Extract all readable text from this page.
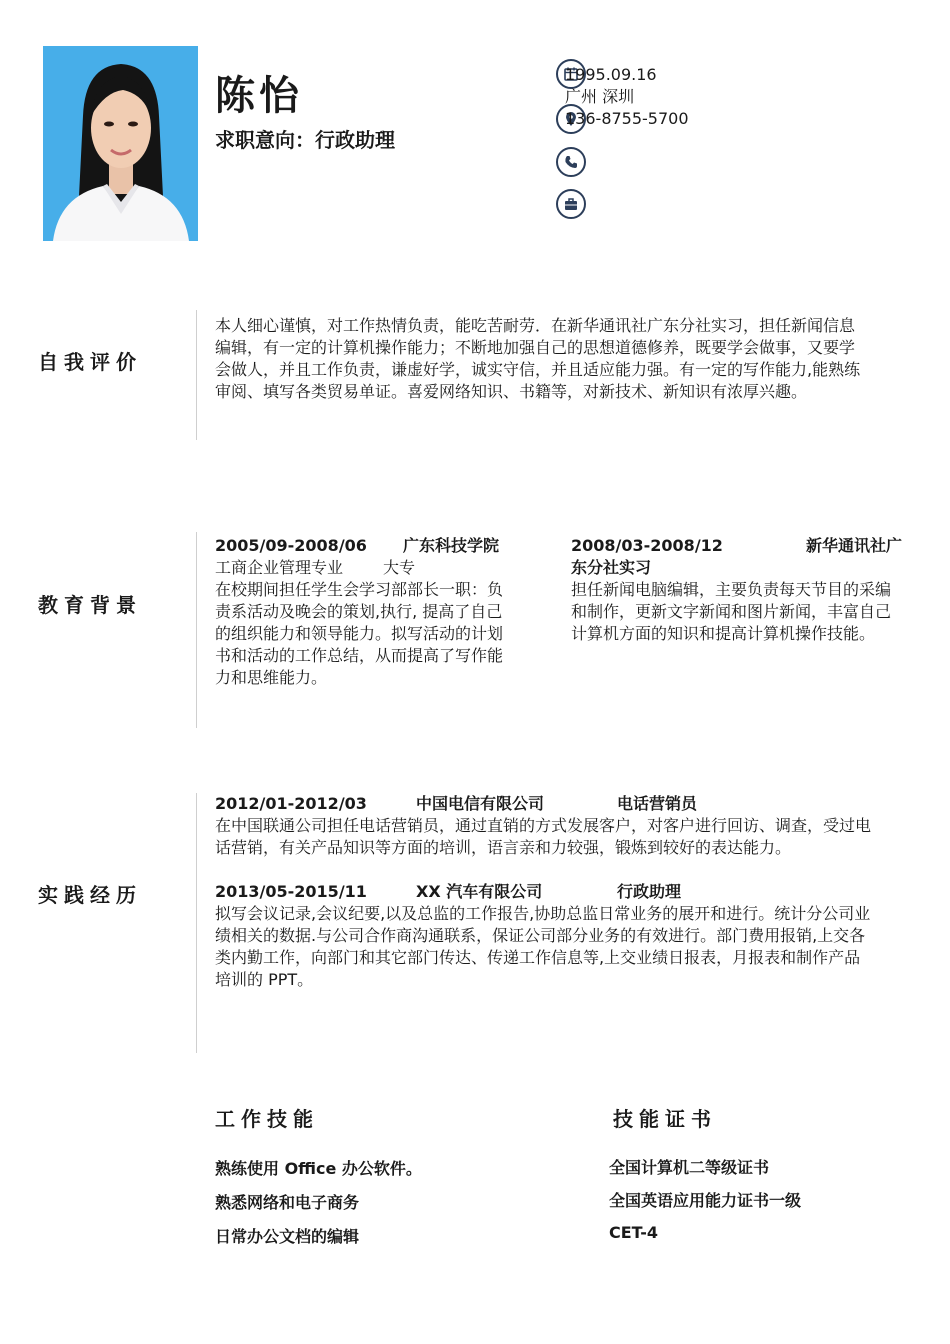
陈怡
求职意向：行政助理
1995.09.16
广州 深圳
136-8755-5700
自我评价
本人细心谨慎，对工作热情负责，能吃苦耐劳．在新华通讯社广东分社实习，担任新闻信息
编辑，有一定的计算机操作能力；不断地加强自己的思想道德修养，既要学会做事，又要学
会做人，并且工作负责，谦虚好学，诚实守信，并且适应能力强。有一定的写作能力,能熟练
审阅、填写各类贸易单证。喜爱网络知识、书籍等，对新技术、新知识有浓厚兴趣。
教育背景
2005/09-2008/06 广东科技学院
工商企业管理专业 大专
在校期间担任学生会学习部部长一职：负
责系活动及晚会的策划,执行, 提高了自己
的组织能力和领导能力。拟写活动的计划
书和活动的工作总结，从而提高了写作能
力和思维能力。
2008/03-2008/12	新华通讯社广
东分社实习
担任新闻电脑编辑，主要负责每天节目的采编
和制作，更新文字新闻和图片新闻，丰富自己
计算机方面的知识和提高计算机操作技能。
实践经历
2012/01-2012/03	中国电信有限公司	电话营销员
在中国联通公司担任电话营销员，通过直销的方式发展客户，对客户进行回访、调查，受过电
话营销，有关产品知识等方面的培训，语言亲和力较强，锻炼到较好的表达能力。
2013/05-2015/11	XX 汽车有限公司	行政助理
拟写会议记录,会议纪要,以及总监的工作报告,协助总监日常业务的展开和进行。统计分公司业
绩相关的数据.与公司合作商沟通联系，保证公司部分业务的有效进行。部门费用报销,上交各
类内勤工作，向部门和其它部门传达、传递工作信息等,上交业绩日报表，月报表和制作产品
培训的 PPT。
工作技能
熟练使用 Office 办公软件。
熟悉网络和电子商务
日常办公文档的编辑
技能证书
全国计算机二等级证书
全国英语应用能力证书一级
CET-4
